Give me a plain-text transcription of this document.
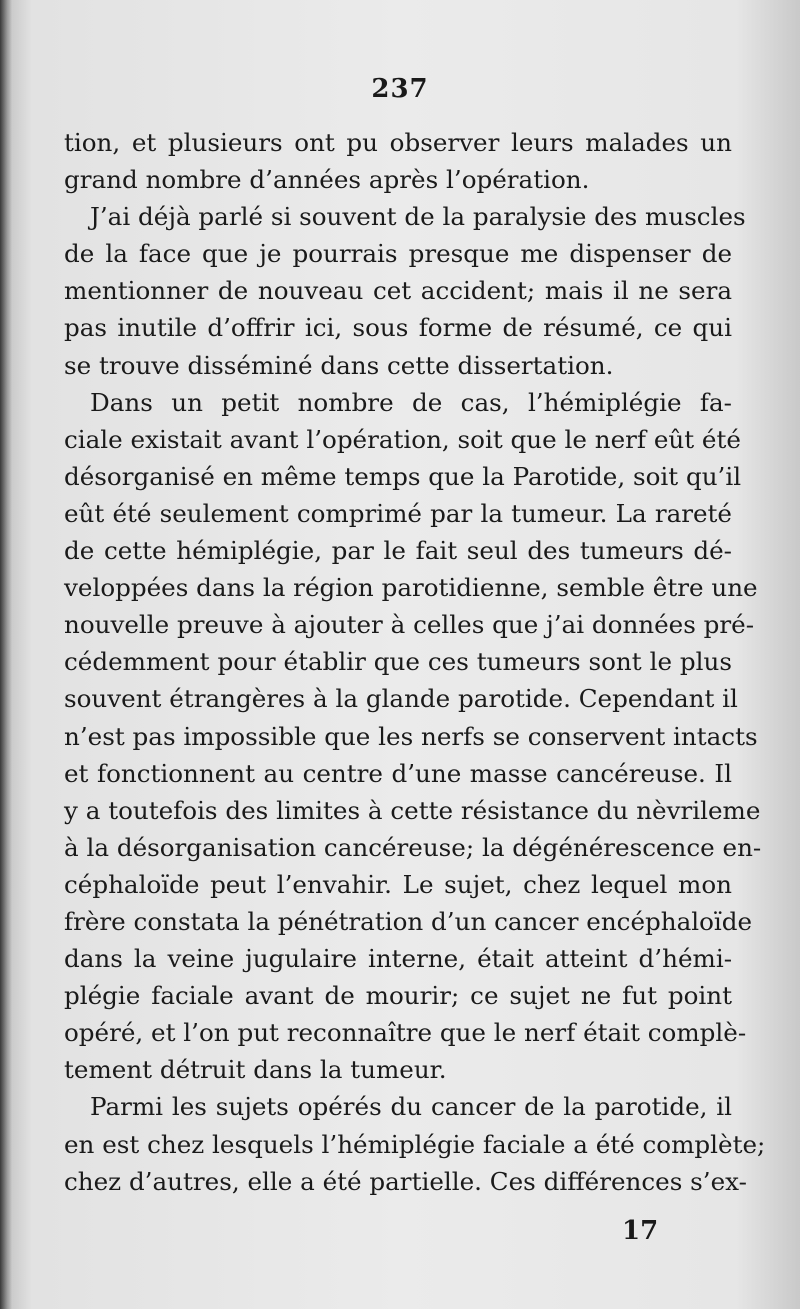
237
tion, et plusieurs ont pu observer leurs malades un
grand nombre d’années après l’opération.
J’ai déjà parlé si souvent de la paralysie des muscles
de la face que je pourrais presque me dispenser de
mentionner de nouveau cet accident; mais il ne sera
pas inutile d’offrir ici, sous forme de résumé, ce qui
se trouve disséminé dans cette dissertation.
Dans un petit nombre de cas, l’hémiplégie fa-
ciale existait avant l’opération, soit que le nerf eût été
désorganisé en même temps que la Parotide, soit qu’il
eût été seulement comprimé par la tumeur. La rareté
de cette hémiplégie, par le fait seul des tumeurs dé-
veloppées dans la région parotidienne, semble être une
nouvelle preuve à ajouter à celles que j’ai données pré-
cédemment pour établir que ces tumeurs sont le plus
souvent étrangères à la glande parotide. Cependant il
n’est pas impossible que les nerfs se conservent intacts
et fonctionnent au centre d’une masse cancéreuse. Il
y a toutefois des limites à cette résistance du nèvrileme
à la désorganisation cancéreuse; la dégénérescence en-
céphaloïde peut l’envahir. Le sujet, chez lequel mon
frère constata la pénétration d’un cancer encéphaloïde
dans la veine jugulaire interne, était atteint d’hémi-
plégie faciale avant de mourir; ce sujet ne fut point
opéré, et l’on put reconnaître que le nerf était complè-
tement détruit dans la tumeur.
Parmi les sujets opérés du cancer de la parotide, il
en est chez lesquels l’hémiplégie faciale a été complète;
chez d’autres, elle a été partielle. Ces différences s’ex-
17
